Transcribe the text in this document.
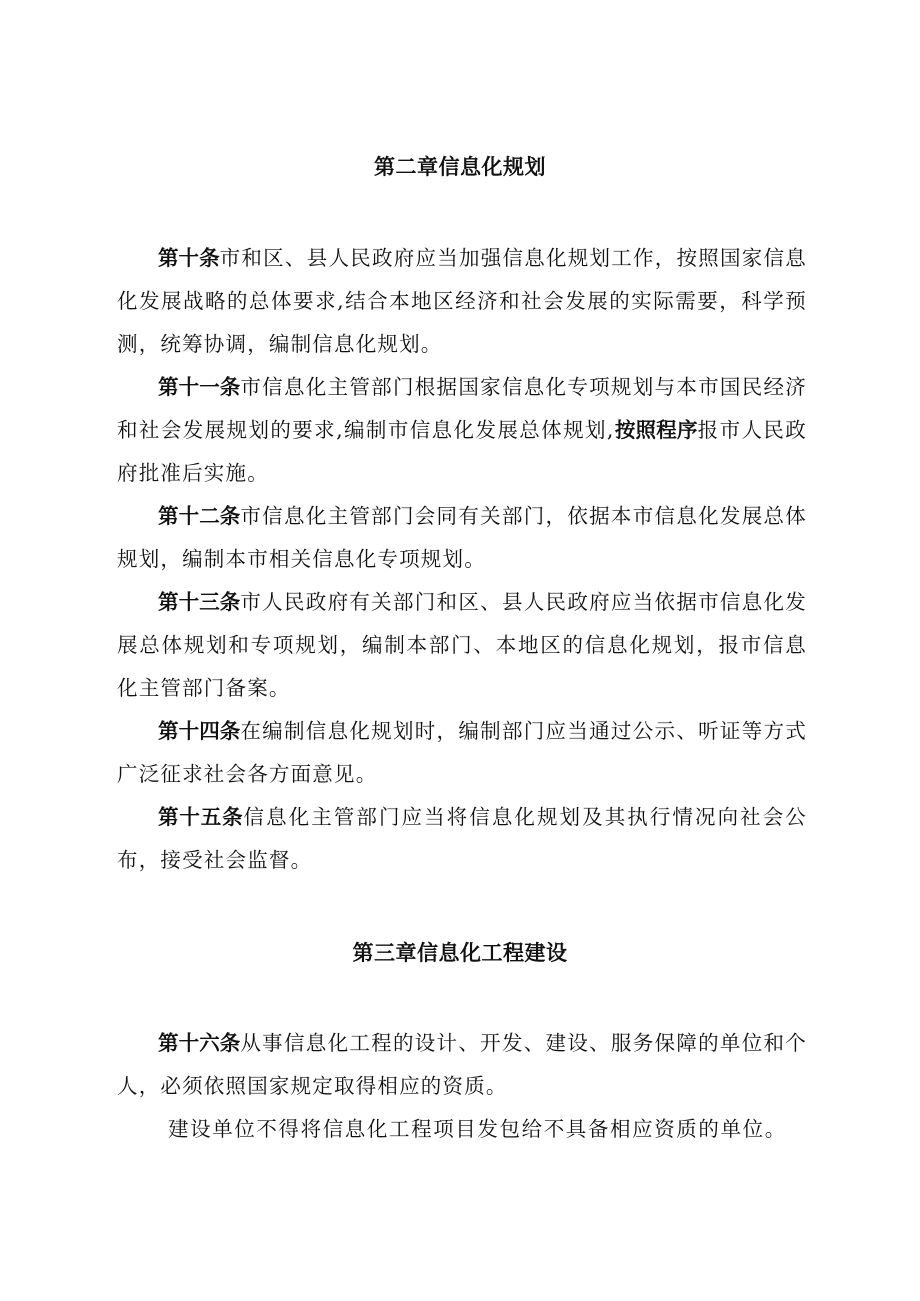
第二章信息化规划

第十条市和区、县人民政府应当加强信息化规划工作，按照国家信息化发展战略的总体要求,结合本地区经济和社会发展的实际需要，科学预测，统筹协调，编制信息化规划。

第十一条市信息化主管部门根据国家信息化专项规划与本市国民经济和社会发展规划的要求,编制市信息化发展总体规划,按照程序报市人民政府批准后实施。

第十二条市信息化主管部门会同有关部门，依据本市信息化发展总体规划，编制本市相关信息化专项规划。

第十三条市人民政府有关部门和区、县人民政府应当依据市信息化发展总体规划和专项规划，编制本部门、本地区的信息化规划，报市信息化主管部门备案。

第十四条在编制信息化规划时，编制部门应当通过公示、听证等方式广泛征求社会各方面意见。

第十五条信息化主管部门应当将信息化规划及其执行情况向社会公布，接受社会监督。

第三章信息化工程建设

第十六条从事信息化工程的设计、开发、建设、服务保障的单位和个人，必须依照国家规定取得相应的资质。

建设单位不得将信息化工程项目发包给不具备相应资质的单位。
